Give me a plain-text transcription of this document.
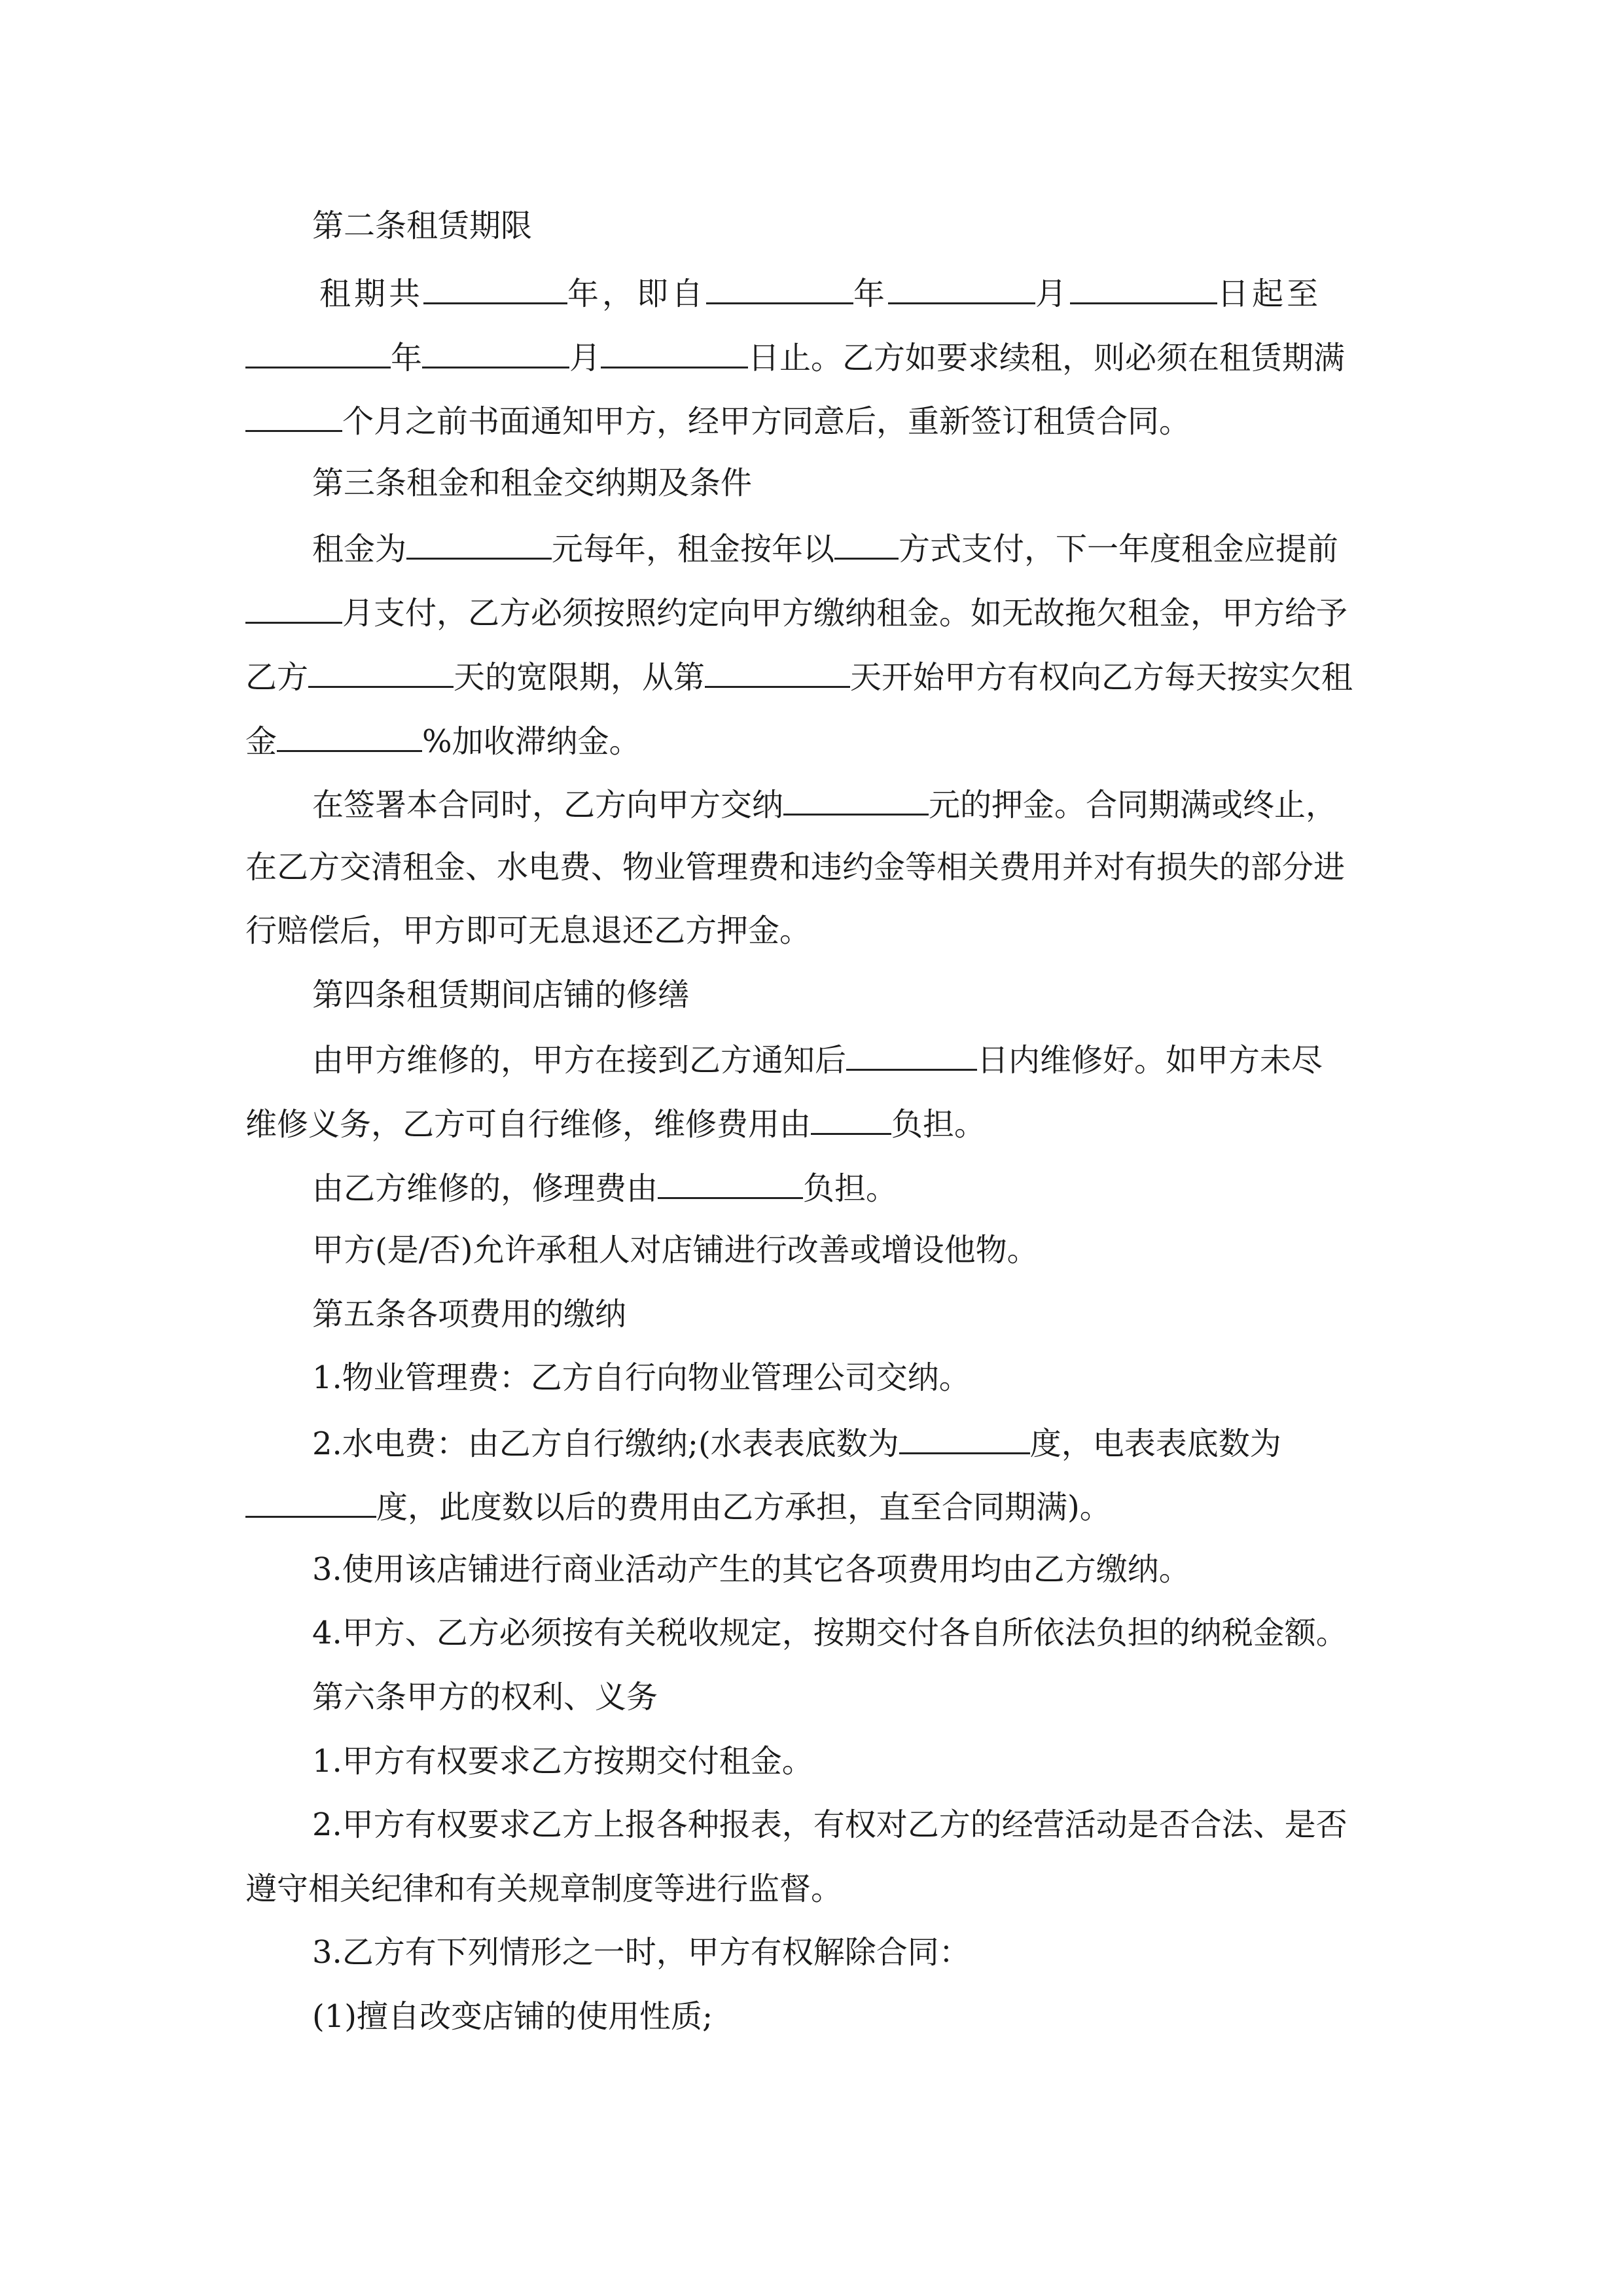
第二条租赁期限
租期共	年，即自	年	月	日起至
年	月	日止。乙方如要求续租，则必须在租赁期满
个月之前书面通知甲方，经甲方同意后，重新签订租赁合同。
第三条租金和租金交纳期及条件
租金为	元每年，租金按年以 方式支付，下一年度租金应提前
月支付，乙方必须按照约定向甲方缴纳租金。如无故拖欠租金，甲方给予
乙方	天的宽限期，从第	天开始甲方有权向乙方每天按实欠租
金	%加收滞纳金。
在签署本合同时，乙方向甲方交纳	元的押金。合同期满或终止，
在乙方交清租金、水电费、物业管理费和违约金等相关费用并对有损失的部分进
行赔偿后，甲方即可无息退还乙方押金。
第四条租赁期间店铺的修缮
由甲方维修的，甲方在接到乙方通知后	日内维修好。如甲方未尽
维修义务，乙方可自行维修，维修费用由	负担。
由乙方维修的，修理费由	负担。
甲方(是/否)允许承租人对店铺进行改善或增设他物。
第五条各项费用的缴纳
1.物业管理费：乙方自行向物业管理公司交纳。
2.水电费：由乙方自行缴纳;(水表表底数为	度，电表表底数为
度，此度数以后的费用由乙方承担，直至合同期满)。
3.使用该店铺进行商业活动产生的其它各项费用均由乙方缴纳。
4.甲方、乙方必须按有关税收规定，按期交付各自所依法负担的纳税金额。
第六条甲方的权利、义务
1.甲方有权要求乙方按期交付租金。
2.甲方有权要求乙方上报各种报表，有权对乙方的经营活动是否合法、是否
遵守相关纪律和有关规章制度等进行监督。
3.乙方有下列情形之一时，甲方有权解除合同：
(1)擅自改变店铺的使用性质;
